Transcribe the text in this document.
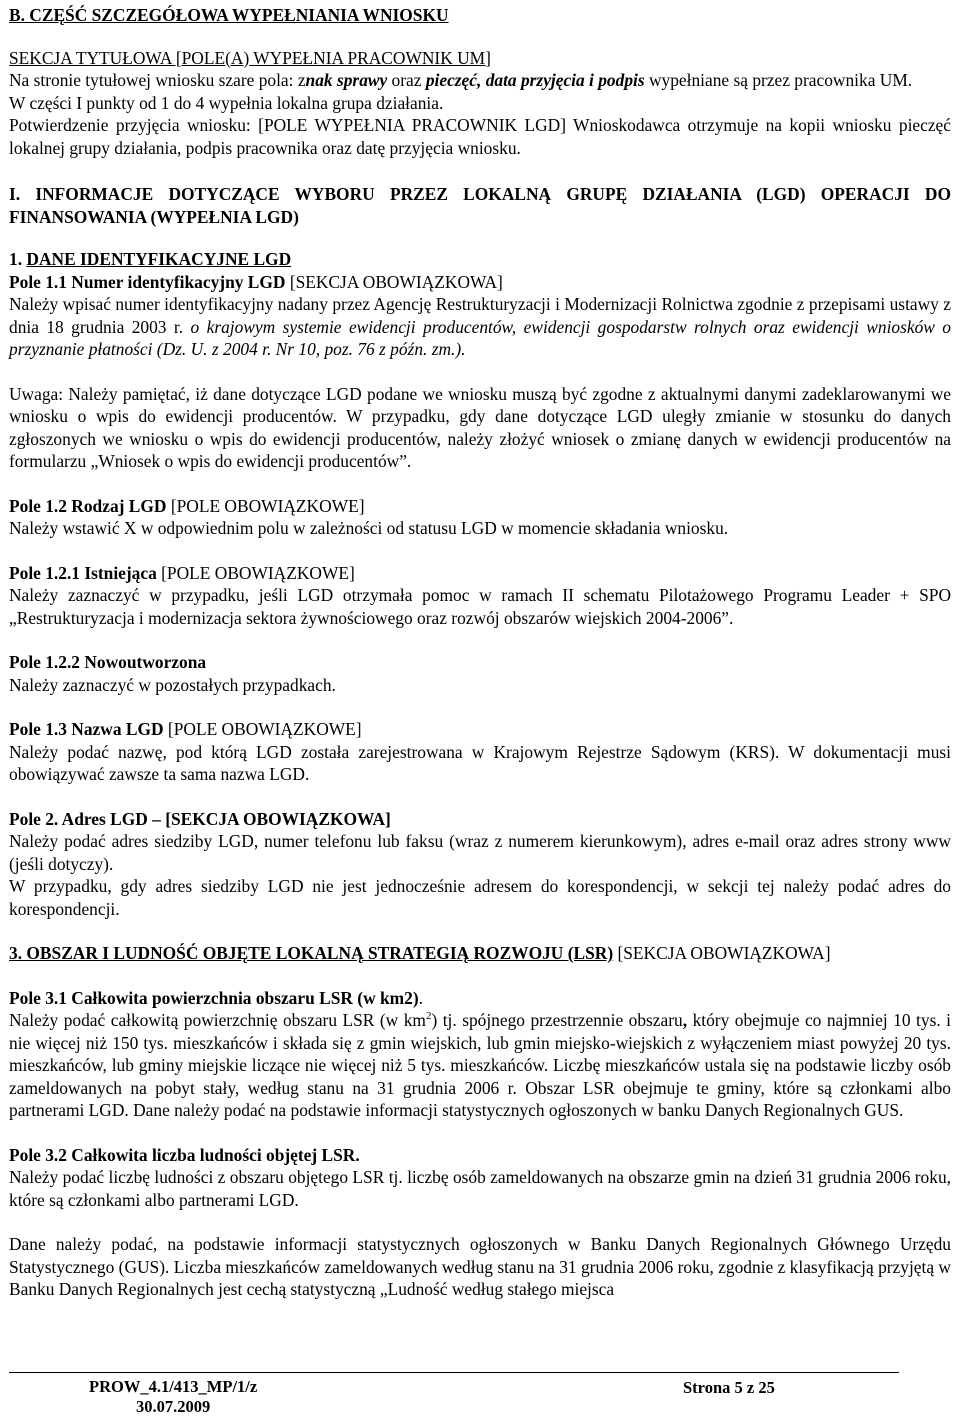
B. CZĘŚĆ SZCZEGÓŁOWA WYPEŁNIANIA WNIOSKU

SEKCJA TYTUŁOWA [POLE(A) WYPEŁNIA PRACOWNIK UM]

Na stronie tytułowej wniosku szare pola: znak sprawy oraz pieczęć, data przyjęcia i podpis wypełniane są przez pracownika UM.

W części I punkty od 1 do 4 wypełnia lokalna grupa działania.

Potwierdzenie przyjęcia wniosku: [POLE WYPEŁNIA PRACOWNIK LGD] Wnioskodawca otrzymuje na kopii wniosku pieczęć lokalnej grupy działania, podpis pracownika oraz datę przyjęcia wniosku.

I. INFORMACJE DOTYCZĄCE WYBORU PRZEZ LOKALNĄ GRUPĘ DZIAŁANIA (LGD) OPERACJI DO FINANSOWANIA (WYPEŁNIA LGD)

1. DANE IDENTYFIKACYJNE LGD

Pole 1.1 Numer identyfikacyjny LGD [SEKCJA OBOWIĄZKOWA]

Należy wpisać numer identyfikacyjny nadany przez Agencję Restrukturyzacji i Modernizacji Rolnictwa zgodnie z przepisami ustawy z dnia 18 grudnia 2003 r. o krajowym systemie ewidencji producentów, ewidencji gospodarstw rolnych oraz ewidencji wniosków o przyznanie płatności (Dz. U. z 2004 r. Nr 10, poz. 76 z późn. zm.).

Uwaga: Należy pamiętać, iż dane dotyczące LGD podane we wniosku muszą być zgodne z aktualnymi danymi zadeklarowanymi we wniosku o wpis do ewidencji producentów. W przypadku, gdy dane dotyczące LGD uległy zmianie w stosunku do danych zgłoszonych we wniosku o wpis do ewidencji producentów, należy złożyć wniosek o zmianę danych w ewidencji producentów na formularzu „Wniosek o wpis do ewidencji producentów”.

Pole 1.2 Rodzaj LGD [POLE OBOWIĄZKOWE]

Należy wstawić X w odpowiednim polu w zależności od statusu LGD w momencie składania wniosku.

Pole 1.2.1 Istniejąca [POLE OBOWIĄZKOWE]

Należy zaznaczyć w przypadku, jeśli LGD otrzymała pomoc w ramach II schematu Pilotażowego Programu Leader + SPO „Restrukturyzacja i modernizacja sektora żywnościowego oraz rozwój obszarów wiejskich 2004-2006”.

Pole 1.2.2 Nowoutworzona

Należy zaznaczyć w pozostałych przypadkach.

Pole 1.3 Nazwa LGD [POLE OBOWIĄZKOWE]

Należy podać nazwę, pod którą LGD została zarejestrowana w Krajowym Rejestrze Sądowym (KRS). W dokumentacji musi obowiązywać zawsze ta sama nazwa LGD.

Pole 2. Adres LGD – [SEKCJA OBOWIĄZKOWA]

Należy podać adres siedziby LGD, numer telefonu lub faksu (wraz z numerem kierunkowym), adres e-mail oraz adres strony www (jeśli dotyczy).

W przypadku, gdy adres siedziby LGD nie jest jednocześnie adresem do korespondencji, w sekcji tej należy podać adres do korespondencji.

3. OBSZAR I LUDNOŚĆ OBJĘTE LOKALNĄ STRATEGIĄ ROZWOJU (LSR) [SEKCJA OBOWIĄZKOWA]

Pole 3.1 Całkowita powierzchnia obszaru LSR (w km2).

Należy podać całkowitą powierzchnię obszaru LSR (w $km^2$) tj. spójnego przestrzennie obszaru, który obejmuje co najmniej 10 tys. i nie więcej niż 150 tys. mieszkańców i składa się z gmin wiejskich, lub gmin miejsko-wiejskich z wyłączeniem miast powyżej 20 tys. mieszkańców, lub gminy miejskie liczące nie więcej niż 5 tys. mieszkańców. Liczbę mieszkańców ustala się na podstawie liczby osób zameldowanych na pobyt stały, według stanu na 31 grudnia 2006 r. Obszar LSR obejmuje te gminy, które są członkami albo partnerami LGD. Dane należy podać na podstawie informacji statystycznych ogłoszonych w banku Danych Regionalnych GUS.

Pole 3.2 Całkowita liczba ludności objętej LSR.

Należy podać liczbę ludności z obszaru objętego LSR tj. liczbę osób zameldowanych na obszarze gmin na dzień 31 grudnia 2006 roku, które są członkami albo partnerami LGD.

Dane należy podać, na podstawie informacji statystycznych ogłoszonych w Banku Danych Regionalnych Głównego Urzędu Statystycznego (GUS). Liczba mieszkańców zameldowanych według stanu na 31 grudnia 2006 roku, zgodnie z klasyfikacją przyjętą w Banku Danych Regionalnych jest cechą statystyczną „Ludność według stałego miejsca

PROW_4.1/413_MP/1/z
30.07.2009
Strona 5 z 25
